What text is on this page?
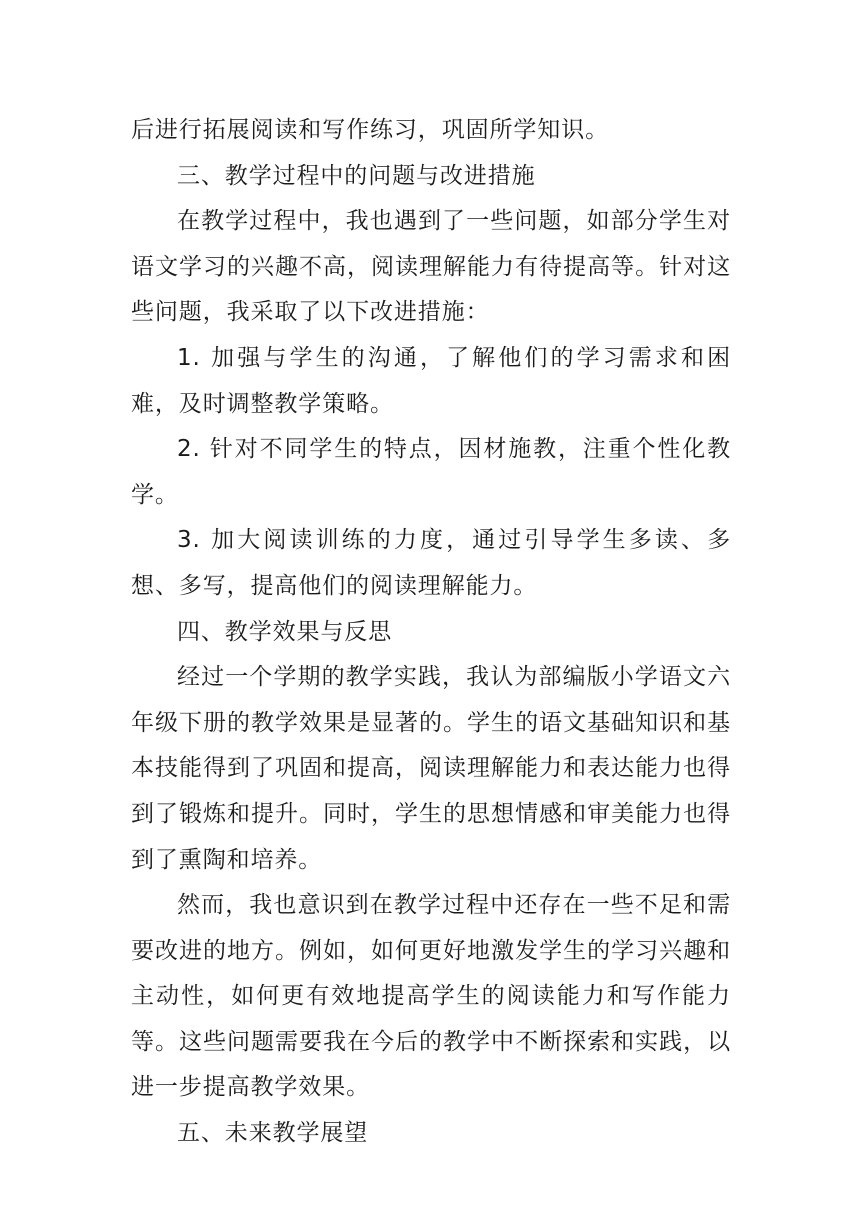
后进行拓展阅读和写作练习，巩固所学知识。

三、教学过程中的问题与改进措施

在教学过程中，我也遇到了一些问题，如部分学生对语文学习的兴趣不高，阅读理解能力有待提高等。针对这些问题，我采取了以下改进措施：

1. 加强与学生的沟通，了解他们的学习需求和困难，及时调整教学策略。

2. 针对不同学生的特点，因材施教，注重个性化教学。

3. 加大阅读训练的力度，通过引导学生多读、多想、多写，提高他们的阅读理解能力。

四、教学效果与反思

经过一个学期的教学实践，我认为部编版小学语文六年级下册的教学效果是显著的。学生的语文基础知识和基本技能得到了巩固和提高，阅读理解能力和表达能力也得到了锻炼和提升。同时，学生的思想情感和审美能力也得到了熏陶和培养。

然而，我也意识到在教学过程中还存在一些不足和需要改进的地方。例如，如何更好地激发学生的学习兴趣和主动性，如何更有效地提高学生的阅读能力和写作能力等。这些问题需要我在今后的教学中不断探索和实践，以进一步提高教学效果。

五、未来教学展望
